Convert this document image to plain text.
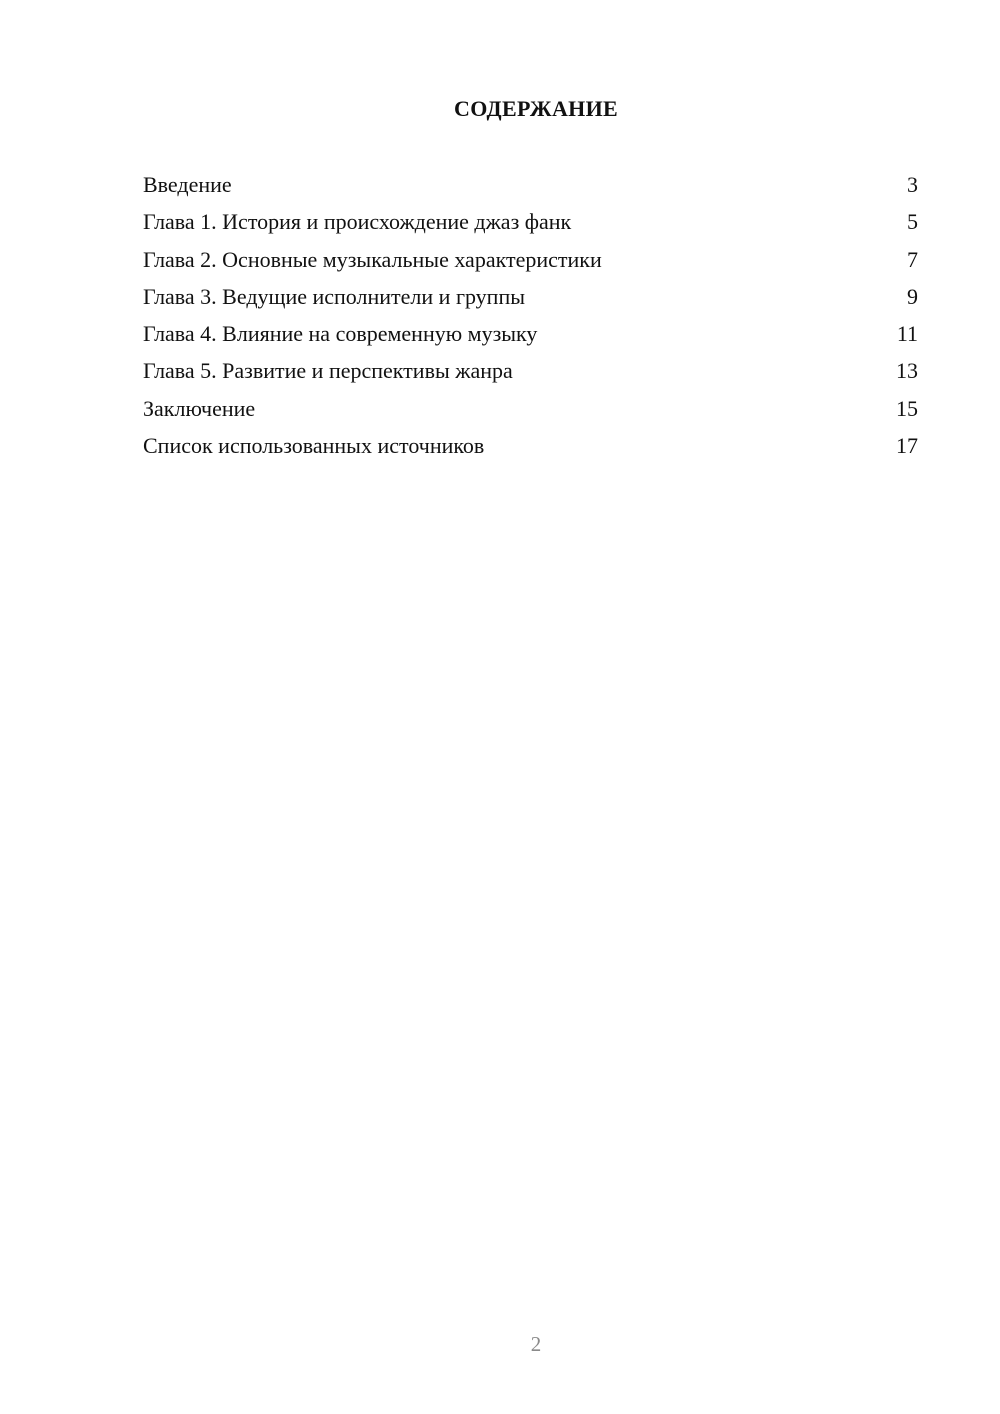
СОДЕРЖАНИЕ
Введение	3
Глава 1. История и происхождение джаз фанк	5
Глава 2. Основные музыкальные характеристики	7
Глава 3. Ведущие исполнители и группы	9
Глава 4. Влияние на современную музыку	11
Глава 5. Развитие и перспективы жанра	13
Заключение	15
Список использованных источников	17
2
